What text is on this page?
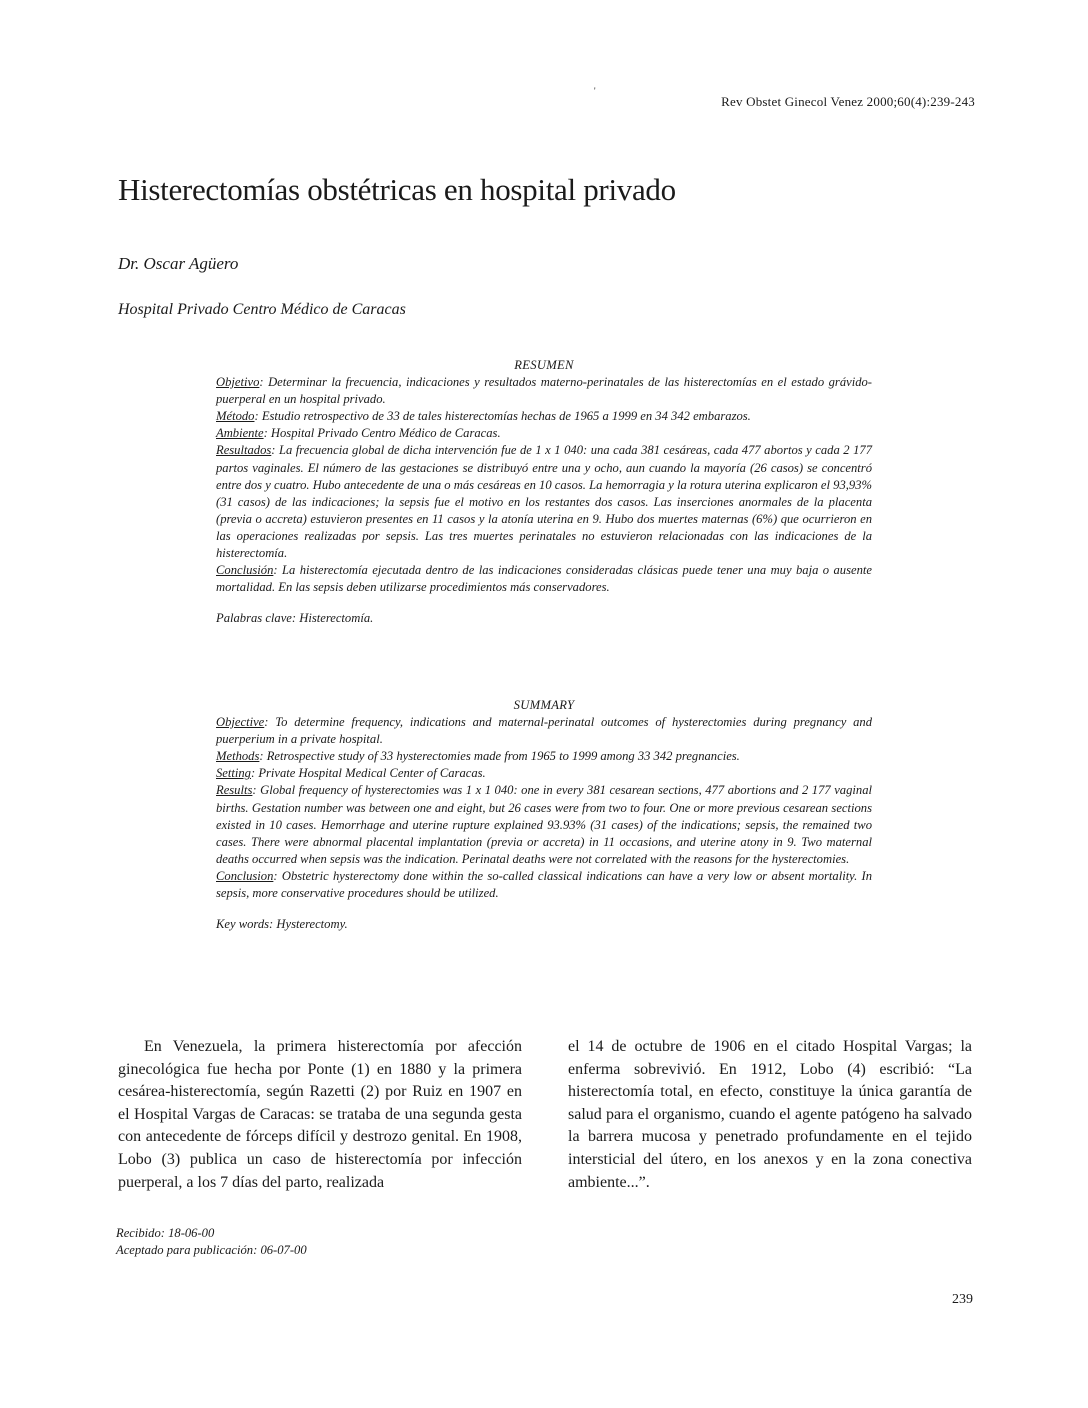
'
Rev Obstet Ginecol Venez 2000;60(4):239-243
Histerectomías obstétricas en hospital privado
Dr. Oscar Agüero
Hospital Privado Centro Médico de Caracas
RESUMEN

Objetivo: Determinar la frecuencia, indicaciones y resultados materno-perinatales de las histerectomías en el estado grávido-puerperal en un hospital privado.

Método: Estudio retrospectivo de 33 de tales histerectomías hechas de 1965 a 1999 en 34 342 embarazos.

Ambiente: Hospital Privado Centro Médico de Caracas.

Resultados: La frecuencia global de dicha intervención fue de 1 x 1 040: una cada 381 cesáreas, cada 477 abortos y cada 2 177 partos vaginales. El número de las gestaciones se distribuyó entre una y ocho, aun cuando la mayoría (26 casos) se concentró entre dos y cuatro. Hubo antecedente de una o más cesáreas en 10 casos. La hemorragia y la rotura uterina explicaron el 93,93% (31 casos) de las indicaciones; la sepsis fue el motivo en los restantes dos casos. Las inserciones anormales de la placenta (previa o accreta) estuvieron presentes en 11 casos y la atonía uterina en 9. Hubo dos muertes maternas (6%) que ocurrieron en las operaciones realizadas por sepsis. Las tres muertes perinatales no estuvieron relacionadas con las indicaciones de la histerectomía.

Conclusión: La histerectomía ejecutada dentro de las indicaciones consideradas clásicas puede tener una muy baja o ausente mortalidad. En las sepsis deben utilizarse procedimientos más conservadores.

Palabras clave: Histerectomía.

SUMMARY

Objective: To determine frequency, indications and maternal-perinatal outcomes of hysterectomies during pregnancy and puerperium in a private hospital.

Methods: Retrospective study of 33 hysterectomies made from 1965 to 1999 among 33 342 pregnancies.

Setting: Private Hospital Medical Center of Caracas.

Results: Global frequency of hysterectomies was 1 x 1 040: one in every 381 cesarean sections, 477 abortions and 2 177 vaginal births. Gestation number was between one and eight, but 26 cases were from two to four. One or more previous cesarean sections existed in 10 cases. Hemorrhage and uterine rupture explained 93.93% (31 cases) of the indications; sepsis, the remained two cases. There were abnormal placental implantation (previa or accreta) in 11 occasions, and uterine atony in 9. Two maternal deaths occurred when sepsis was the indication. Perinatal deaths were not correlated with the reasons for the hysterectomies.

Conclusion: Obstetric hysterectomy done within the so-called classical indications can have a very low or absent mortality. In sepsis, more conservative procedures should be utilized.

Key words: Hysterectomy.

En Venezuela, la primera histerectomía por afección ginecológica fue hecha por Ponte (1) en 1880 y la primera cesárea-histerectomía, según Razetti (2) por Ruiz en 1907 en el Hospital Vargas de Caracas: se trataba de una segunda gesta con antecedente de fórceps difícil y destrozo genital. En 1908, Lobo (3) publica un caso de histerectomía por infección puerperal, a los 7 días del parto, realizada

el 14 de octubre de 1906 en el citado Hospital Vargas; la enferma sobrevivió. En 1912, Lobo (4) escribió: “La histerectomía total, en efecto, constituye la única garantía de salud para el organismo, cuando el agente patógeno ha salvado la barrera mucosa y penetrado profundamente en el tejido intersticial del útero, en los anexos y en la zona conectiva ambiente...”.

Recibido: 18-06-00
Aceptado para publicación: 06-07-00
239
